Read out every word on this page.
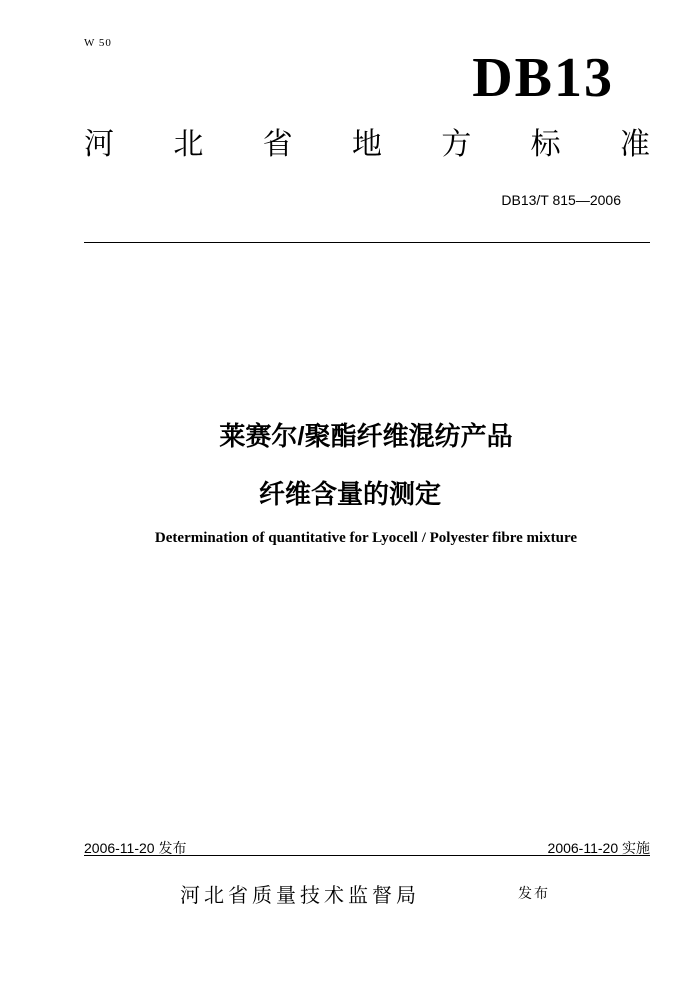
W 50
DB13
河 北 省 地 方 标 准
DB13/T 815—2006
莱赛尔/聚酯纤维混纺产品
纤维含量的测定
Determination of quantitative for Lyocell / Polyester fibre mixture
2006-11-20 发布	2006-11-20 实施
河北省质量技术监督局	发布
